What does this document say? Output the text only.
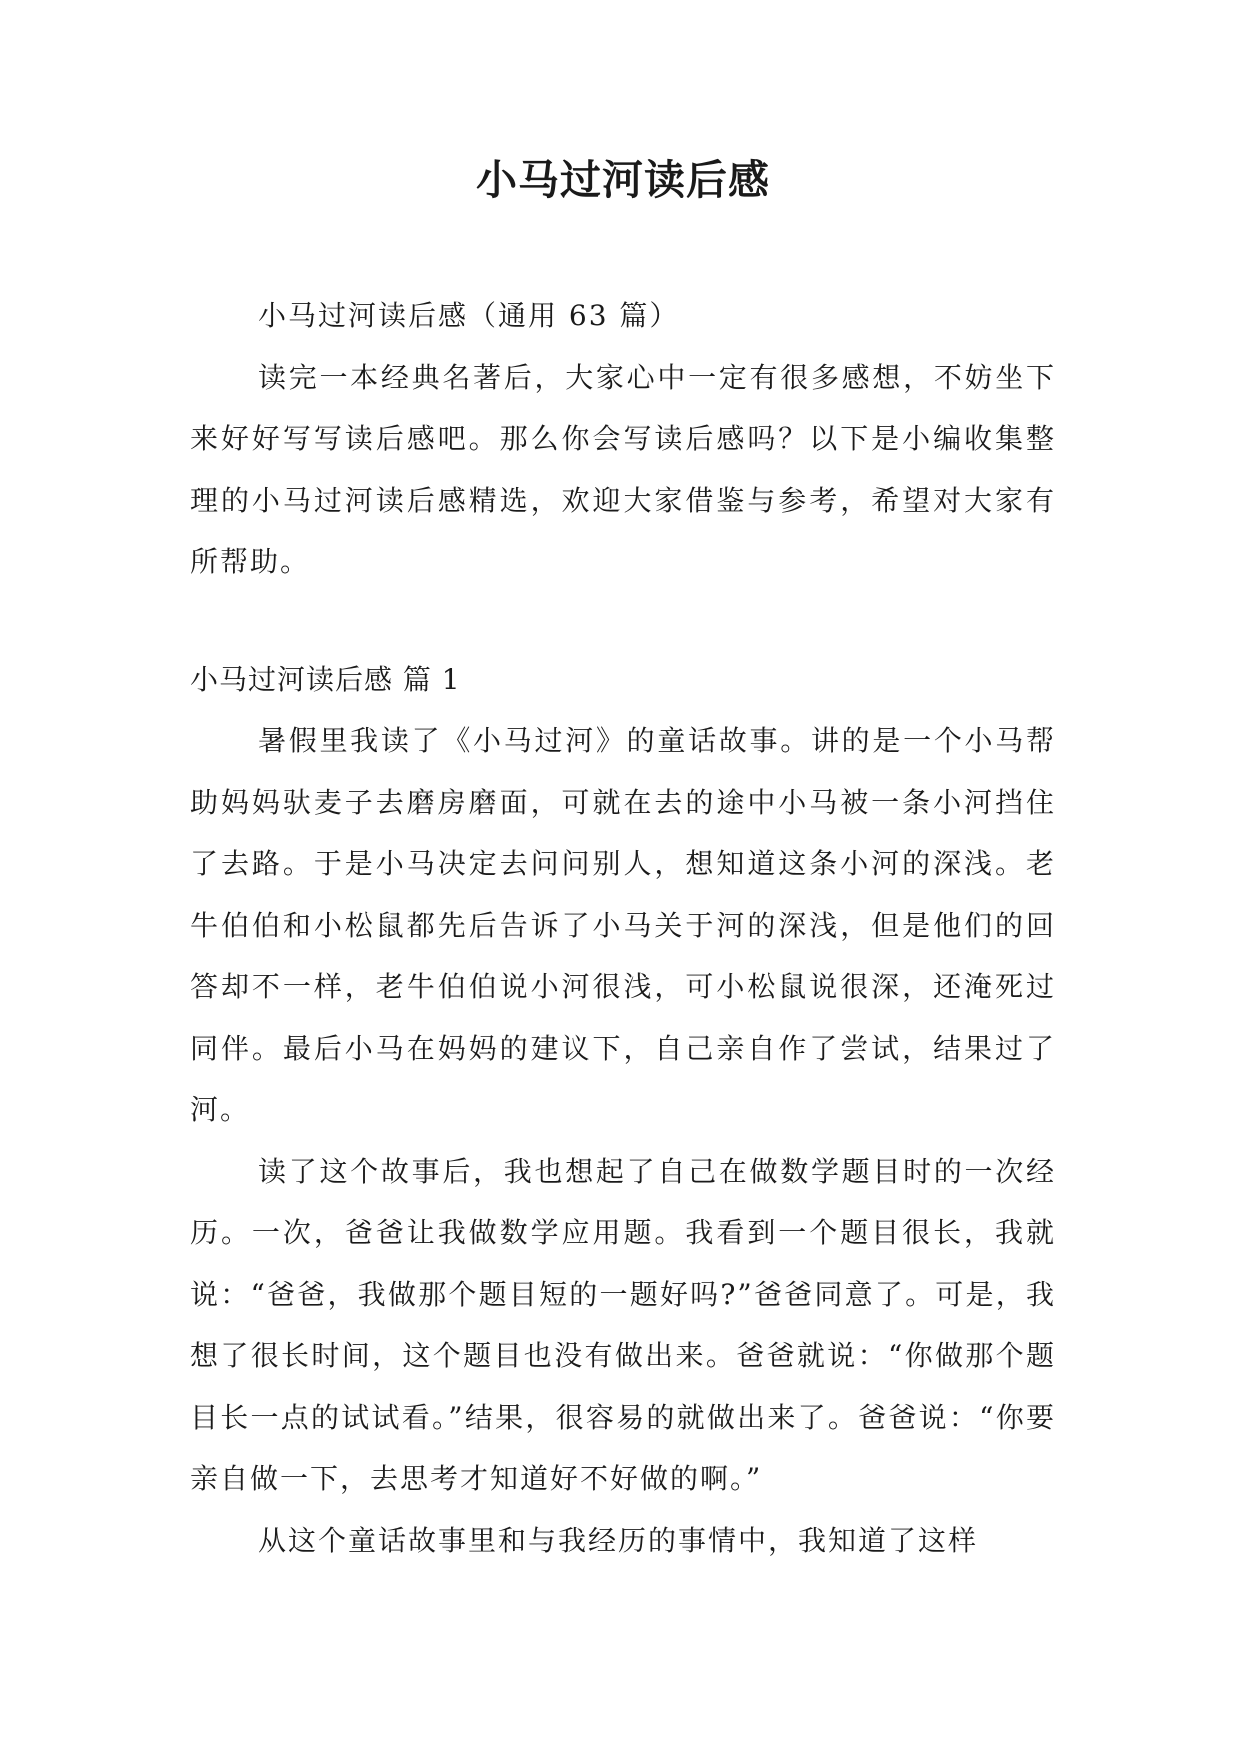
小马过河读后感

小马过河读后感（通用 63 篇）

读完一本经典名著后，大家心中一定有很多感想，不妨坐下来好好写写读后感吧。那么你会写读后感吗？以下是小编收集整理的小马过河读后感精选，欢迎大家借鉴与参考，希望对大家有所帮助。

小马过河读后感 篇 1

暑假里我读了《小马过河》的童话故事。讲的是一个小马帮助妈妈驮麦子去磨房磨面，可就在去的途中小马被一条小河挡住了去路。于是小马决定去问问别人，想知道这条小河的深浅。老牛伯伯和小松鼠都先后告诉了小马关于河的深浅，但是他们的回答却不一样，老牛伯伯说小河很浅，可小松鼠说很深，还淹死过同伴。最后小马在妈妈的建议下，自己亲自作了尝试，结果过了河。

读了这个故事后，我也想起了自己在做数学题目时的一次经历。一次，爸爸让我做数学应用题。我看到一个题目很长，我就说：“爸爸，我做那个题目短的一题好吗?”爸爸同意了。可是，我想了很长时间，这个题目也没有做出来。爸爸就说：“你做那个题目长一点的试试看。”结果，很容易的就做出来了。爸爸说：“你要亲自做一下，去思考才知道好不好做的啊。”

从这个童话故事里和与我经历的事情中，我知道了这样
